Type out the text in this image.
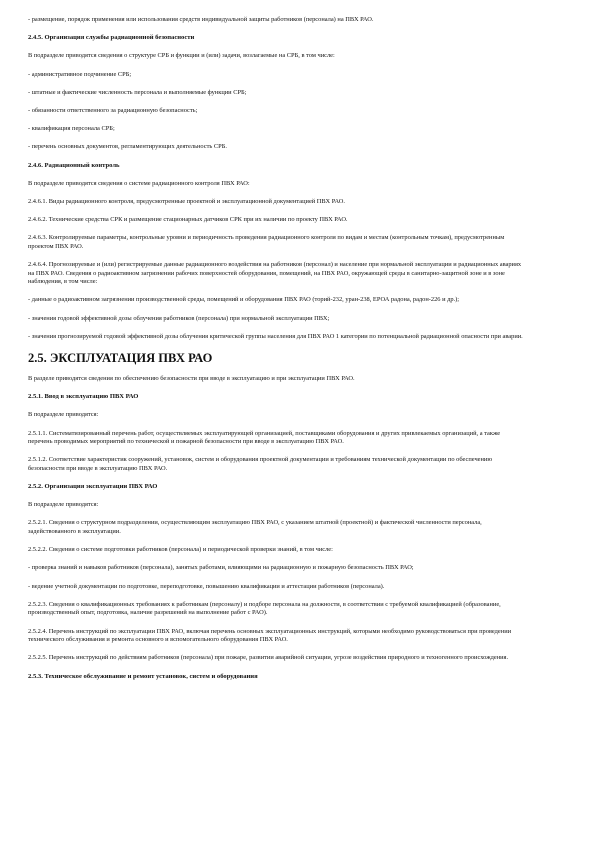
- размещение, порядок применения или использования средств индивидуальной защиты работников (персонала) на ПВХ РАО.

2.4.5. Организация службы радиационной безопасности

В подразделе приводятся сведения о структуре СРБ и функции и (или) задачи, возлагаемые на СРБ, в том числе:

- административное подчинение СРБ;

- штатные и фактические численность персонала и выполняемые функции СРБ;

- обязанности ответственного за радиационную безопасность;

- квалификация персонала СРБ;

- перечень основных документов, регламентирующих деятельность СРБ.

2.4.6. Радиационный контроль

В подразделе приводятся сведения о системе радиационного контроля ПВХ РАО:

2.4.6.1. Виды радиационного контроля, предусмотренные проектной и эксплуатационной документацией ПВХ РАО.

2.4.6.2. Технические средства СРК и размещение стационарных датчиков СРК при их наличии по проекту ПВХ РАО.

2.4.6.3. Контролируемые параметры, контрольные уровни и периодичность проведения радиационного контроля по видам и местам (контрольным точкам), предусмотренным проектом ПВХ РАО.

2.4.6.4. Прогнозируемые и (или) регистрируемые данные радиационного воздействия на работников (персонал) и население при нормальной эксплуатации и радиационных авариях на ПВХ РАО. Сведения о радиоактивном загрязнении рабочих поверхностей оборудования, помещений, на ПВХ РАО, окружающей среды в санитарно-защитной зоне и в зоне наблюдения, в том числе:

- данные о радиоактивном загрязнении производственной среды, помещений и оборудования ПВХ РАО (торий-232, уран-238, ЕРОА радона, радон-226 и др.);

- значения годовой эффективной дозы облучения работников (персонала) при нормальной эксплуатации ПВХ;

- значения прогнозируемой годовой эффективной дозы облучения критической группы населения для ПВХ РАО 1 категории по потенциальной радиационной опасности при аварии.

2.5. ЭКСПЛУАТАЦИЯ ПВХ РАО

В разделе приводятся сведения по обеспечению безопасности при вводе в эксплуатацию и при эксплуатации ПВХ РАО.

2.5.1. Ввод в эксплуатацию ПВХ РАО

В подразделе приводятся:

2.5.1.1. Систематизированный перечень работ, осуществляемых эксплуатирующей организацией, поставщиками оборудования и других привлекаемых организаций, а также перечень проводимых мероприятий по технической и пожарной безопасности при вводе в эксплуатацию ПВХ РАО.

2.5.1.2. Соответствие характеристик сооружений, установок, систем и оборудования проектной документации и требованиям технической документации по обеспечению безопасности при вводе в эксплуатацию ПВХ РАО.

2.5.2. Организация эксплуатации ПВХ РАО

В подразделе приводятся:

2.5.2.1. Сведения о структурном подразделении, осуществляющим эксплуатацию ПВХ РАО, с указанием штатной (проектной) и фактической численности персонала, задействованного в эксплуатации.

2.5.2.2. Сведения о системе подготовки работников (персонала) и периодической проверки знаний, в том числе:

- проверка знаний и навыков работников (персонала), занятых работами, влияющими на радиационную и пожарную безопасность ПВХ РАО;

- ведение учетной документации по подготовке, переподготовке, повышению квалификации и аттестации работников (персонала).

2.5.2.3. Сведения о квалификационных требованиях к работникам (персоналу) и подборе персонала на должности, в соответствии с требуемой квалификацией (образование, производственный опыт, подготовка, наличие разрешений на выполнение работ с РАО).

2.5.2.4. Перечень инструкций по эксплуатации ПВХ РАО, включая перечень основных эксплуатационных инструкций, которыми необходимо руководствоваться при проведении технического обслуживания и ремонта основного и вспомогательного оборудования ПВХ РАО.

2.5.2.5. Перечень инструкций по действиям работников (персонала) при пожаре, развитии аварийной ситуации, угрозе воздействия природного и техногенного происхождения.

2.5.3. Техническое обслуживание и ремонт установок, систем и оборудования
